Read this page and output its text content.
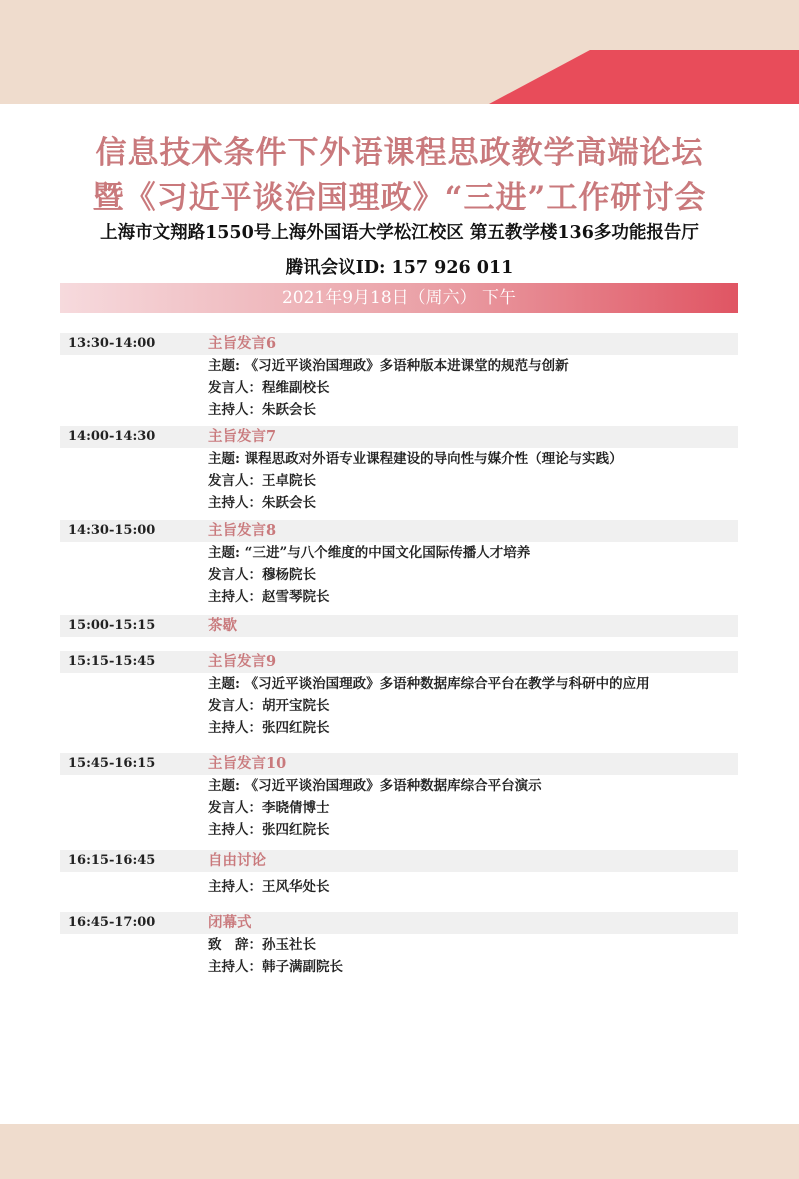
信息技术条件下外语课程思政教学高端论坛
暨《习近平谈治国理政》“三进”工作研讨会
上海市文翔路1550号上海外国语大学松江校区 第五教学楼136多功能报告厅
腾讯会议ID: 157 926 011
2021年9月18日（周六） 下午
13:30-14:00	主旨发言6
主题: 《习近平谈治国理政》多语种版本进课堂的规范与创新
发言人：程维副校长
主持人：朱跃会长
14:00-14:30	主旨发言7
主题: 课程思政对外语专业课程建设的导向性与媒介性（理论与实践）
发言人：王卓院长
主持人：朱跃会长
14:30-15:00	主旨发言8
主题: “三进”与八个维度的中国文化国际传播人才培养
发言人：穆杨院长
主持人：赵雪琴院长
15:00-15:15	茶歇
15:15-15:45	主旨发言9
主题: 《习近平谈治国理政》多语种数据库综合平台在教学与科研中的应用
发言人：胡开宝院长
主持人：张四红院长
15:45-16:15	主旨发言10
主题: 《习近平谈治国理政》多语种数据库综合平台演示
发言人：李晓倩博士
主持人：张四红院长
16:15-16:45	自由讨论
主持人：王风华处长
16:45-17:00	闭幕式
致　辞：孙玉社长
主持人：韩子满副院长
